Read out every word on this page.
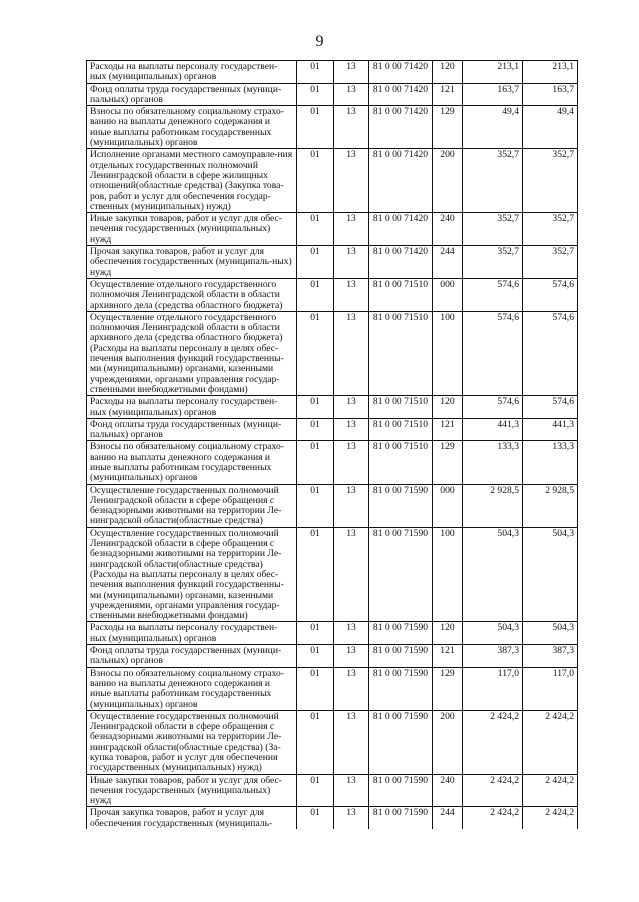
9
Расходы на выплаты персоналу государствен-ных (муниципальных) органов	01	13	81 0 00 71420	120	213,1	213,1
Фонд оплаты труда государственных (муници-пальных) органов	01	13	81 0 00 71420	121	163,7	163,7
Взносы по обязательному социальному страхо-ванию на выплаты денежного содержания и иные выплаты работникам государственных (муниципальных) органов	01	13	81 0 00 71420	129	49,4	49,4
Исполнение органами местного самоуправле-ния отдельных государственных полномочий Ленинградской области в сфере жилищных отношений(областные средства) (Закупка това-ров, работ и услуг для обеспечения государ-ственных (муниципальных) нужд)	01	13	81 0 00 71420	200	352,7	352,7
Иные закупки товаров, работ и услуг для обес-печения государственных (муниципальных) нужд	01	13	81 0 00 71420	240	352,7	352,7
Прочая закупка товаров, работ и услуг для обеспечения государственных (муниципаль-ных) нужд	01	13	81 0 00 71420	244	352,7	352,7
Осуществление отдельного государственного полномочия Ленинградской области в области архивного дела (средства областного бюджета)	01	13	81 0 00 71510	000	574,6	574,6
Осуществление отдельного государственного полномочия Ленинградской области в области архивного дела (средства областного бюджета) (Расходы на выплаты персоналу в целях обес-печения выполнения функций государственны-ми (муниципальными) органами, казенными учреждениями, органами управления государ-ственными внебюджетными фондами)	01	13	81 0 00 71510	100	574,6	574,6
Расходы на выплаты персоналу государствен-ных (муниципальных) органов	01	13	81 0 00 71510	120	574,6	574,6
Фонд оплаты труда государственных (муници-пальных) органов	01	13	81 0 00 71510	121	441,3	441,3
Взносы по обязательному социальному страхо-ванию на выплаты денежного содержания и иные выплаты работникам государственных (муниципальных) органов	01	13	81 0 00 71510	129	133,3	133,3
Осуществление государственных полномочий Ленинградской области в сфере обращения с безнадзорными животными на территории Ле-нинградской области(областные средства)	01	13	81 0 00 71590	000	2 928,5	2 928,5
Осуществление государственных полномочий Ленинградской области в сфере обращения с безнадзорными животными на территории Ле-нинградской области(областные средства) (Расходы на выплаты персоналу в целях обес-печения выполнения функций государственны-ми (муниципальными) органами, казенными учреждениями, органами управления государ-ственными внебюджетными фондами)	01	13	81 0 00 71590	100	504,3	504,3
Расходы на выплаты персоналу государствен-ных (муниципальных) органов	01	13	81 0 00 71590	120	504,3	504,3
Фонд оплаты труда государственных (муници-пальных) органов	01	13	81 0 00 71590	121	387,3	387,3
Взносы по обязательному социальному страхо-ванию на выплаты денежного содержания и иные выплаты работникам государственных (муниципальных) органов	01	13	81 0 00 71590	129	117,0	117,0
Осуществление государственных полномочий Ленинградской области в сфере обращения с безнадзорными животными на территории Ле-нинградской области(областные средства) (За-купка товаров, работ и услуг для обеспечения государственных (муниципальных) нужд)	01	13	81 0 00 71590	200	2 424,2	2 424,2
Иные закупки товаров, работ и услуг для обес-печения государственных (муниципальных) нужд	01	13	81 0 00 71590	240	2 424,2	2 424,2
Прочая закупка товаров, работ и услуг для обеспечения государственных (муниципаль-	01	13	81 0 00 71590	244	2 424,2	2 424,2
